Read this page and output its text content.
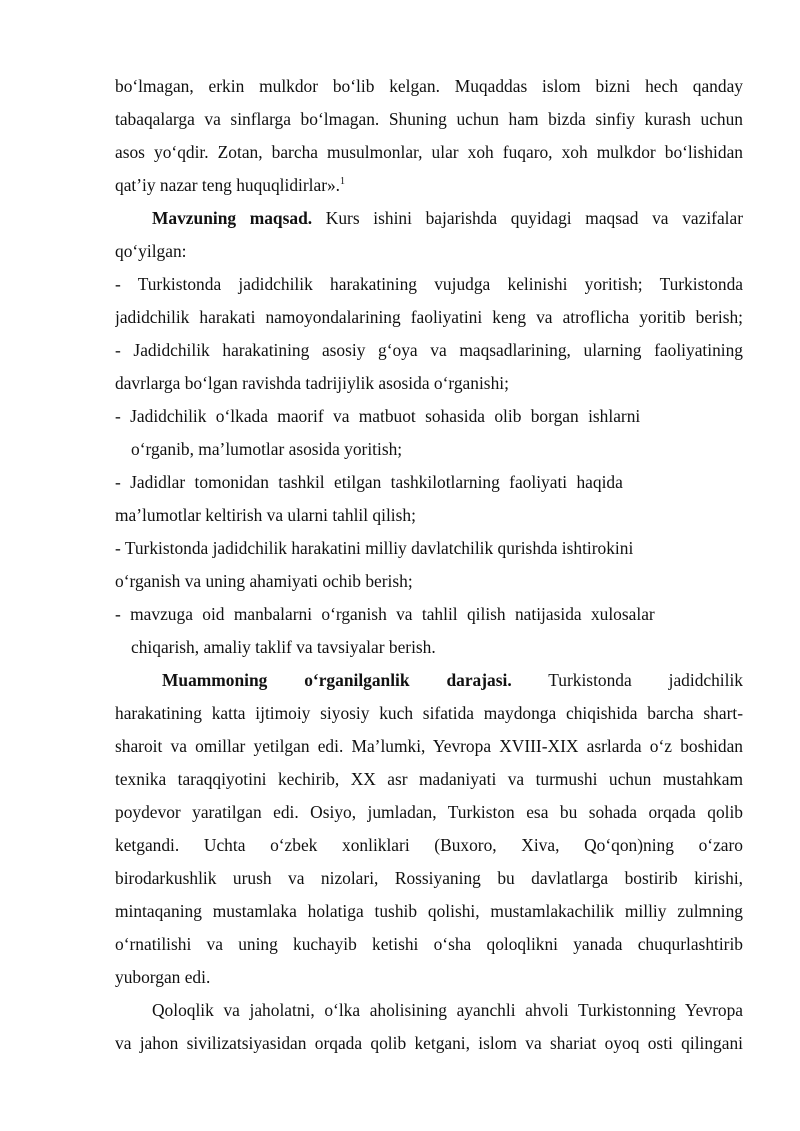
bo‘lmagan, erkin mulkdor bo‘lib kelgan. Muqaddas islom bizni hech qanday
tabaqalarga va sinflarga bo‘lmagan. Shuning uchun ham bizda sinfiy kurash uchun
asos yo‘qdir. Zotan, barcha musulmonlar, ular xoh fuqaro, xoh mulkdor bo‘lishidan
qat’iy nazar teng huquqlidirlar».$^1$
Mavzuning maqsad. Kurs ishini bajarishda quyidagi maqsad va vazifalar
qo‘yilgan:
- Turkistonda jadidchilik harakatining vujudga kelinishi yoritish; Turkistonda
jadidchilik harakati namoyondalarining faoliyatini keng va atroflicha yoritib berish;
- Jadidchilik harakatining asosiy g‘oya va maqsadlarining, ularning faoliyatining
davrlarga bo‘lgan ravishda tadrijiylik asosida o‘rganishi;
- Jadidchilik o‘lkada maorif va matbuot sohasida olib borgan ishlarni
o‘rganib, ma’lumotlar asosida yoritish;
- Jadidlar tomonidan tashkil etilgan tashkilotlarning faoliyati haqida
ma’lumotlar keltirish va ularni tahlil qilish;
- Turkistonda jadidchilik harakatini milliy davlatchilik qurishda ishtirokini
o‘rganish va uning ahamiyati ochib berish;
- mavzuga oid manbalarni o‘rganish va tahlil qilish natijasida xulosalar
chiqarish, amaliy taklif va tavsiyalar berish.
Muammoning o‘rganilganlik darajasi. Turkistonda jadidchilik
harakatining katta ijtimoiy siyosiy kuch sifatida maydonga chiqishida barcha shart-
sharoit va omillar yetilgan edi. Ma’lumki, Yevropa XVIII-XIX asrlarda o‘z boshidan
texnika taraqqiyotini kechirib, XX asr madaniyati va turmushi uchun mustahkam
poydevor yaratilgan edi. Osiyo, jumladan, Turkiston esa bu sohada orqada qolib
ketgandi. Uchta o‘zbek xonliklari (Buxoro, Xiva, Qo‘qon)ning o‘zaro
birodarkushlik urush va nizolari, Rossiyaning bu davlatlarga bostirib kirishi,
mintaqaning mustamlaka holatiga tushib qolishi, mustamlakachilik milliy zulmning
o‘rnatilishi va uning kuchayib ketishi o‘sha qoloqlikni yanada chuqurlashtirib
yuborgan edi.
Qoloqlik va jaholatni, o‘lka aholisining ayanchli ahvoli Turkistonning Yevropa
va jahon sivilizatsiyasidan orqada qolib ketgani, islom va shariat oyoq osti qilingani
